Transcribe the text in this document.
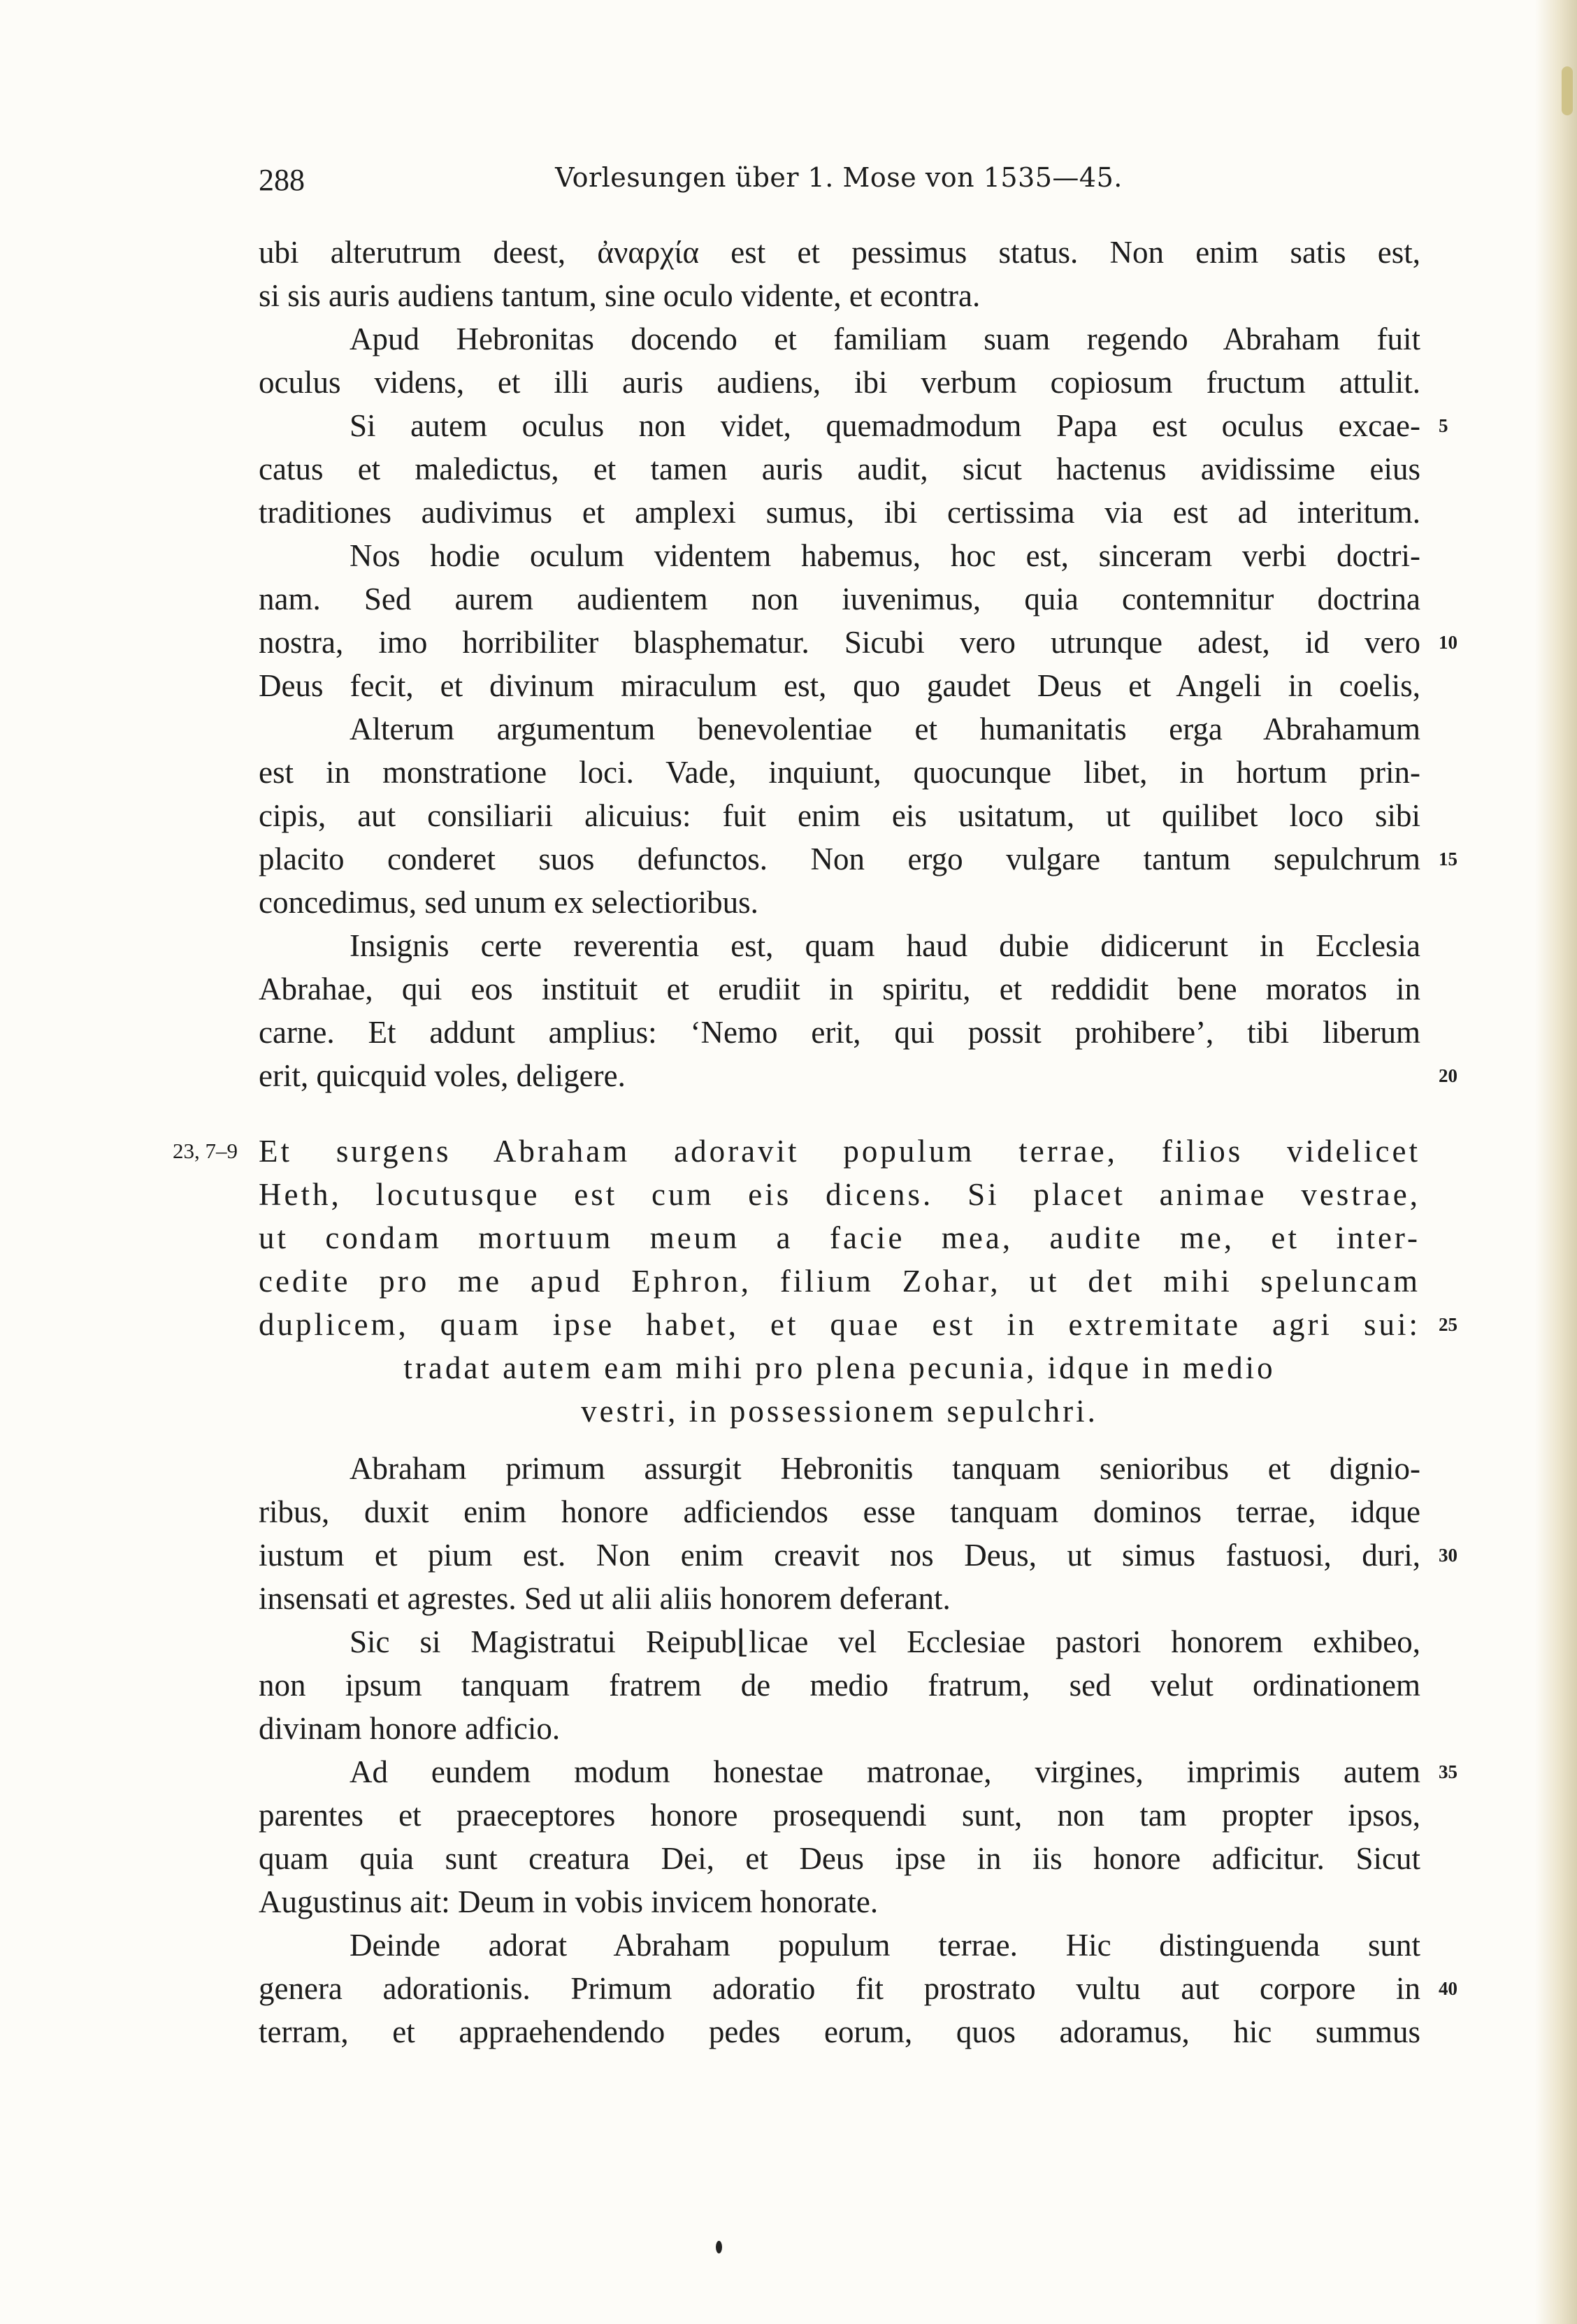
288	Vorlesungen über 1. Mose von 1535—45.
ubi alterutrum deest, ἀναρχία est et pessimus status. Non enim satis est,
si sis auris audiens tantum, sine oculo vidente, et econtra.
Apud Hebronitas docendo et familiam suam regendo Abraham fuit
oculus videns, et illi auris audiens, ibi verbum copiosum fructum attulit.
Si autem oculus non videt, quemadmodum Papa est oculus excae- 5
catus et maledictus, et tamen auris audit, sicut hactenus avidissime eius
traditiones audivimus et amplexi sumus, ibi certissima via est ad interitum.
Nos hodie oculum videntem habemus, hoc est, sinceram verbi doctri-
nam. Sed aurem audientem non iuvenimus, quia contemnitur doctrina
nostra, imo horribiliter blasphematur. Sicubi vero utrunque adest, id vero 10
Deus fecit, et divinum miraculum est, quo gaudet Deus et Angeli in coelis,
Alterum argumentum benevolentiae et humanitatis erga Abrahamum
est in monstratione loci. Vade, inquiunt, quocunque libet, in hortum prin-
cipis, aut consiliarii alicuius: fuit enim eis usitatum, ut quilibet loco sibi
placito conderet suos defunctos. Non ergo vulgare tantum sepulchrum 15
concedimus, sed unum ex selectioribus.
Insignis certe reverentia est, quam haud dubie didicerunt in Ecclesia
Abrahae, qui eos instituit et erudiit in spiritu, et reddidit bene moratos in
carne. Et addunt amplius: ‘Nemo erit, qui possit prohibere’, tibi liberum
erit, quicquid voles, deligere.	20
23, 7–9 Et surgens Abraham adoravit populum terrae, filios videlicet
Heth, locutusque est cum eis dicens. Si placet animae vestrae,
ut condam mortuum meum a facie mea, audite me, et inter-
cedite pro me apud Ephron, filium Zohar, ut det mihi speluncam
duplicem, quam ipse habet, et quae est in extremitate agri sui: 25
tradat autem eam mihi pro plena pecunia, idque in medio
vestri, in possessionem sepulchri.
Abraham primum assurgit Hebronitis tanquam senioribus et dignio-
ribus, duxit enim honore adficiendos esse tanquam dominos terrae, idque
iustum et pium est. Non enim creavit nos Deus, ut simus fastuosi, duri, 30
insensati et agrestes. Sed ut alii aliis honorem deferant.
Sic si Magistratui Reipub⌊licae vel Ecclesiae pastori honorem exhibeo,
non ipsum tanquam fratrem de medio fratrum, sed velut ordinationem
divinam honore adficio.
Ad eundem modum honestae matronae, virgines, imprimis autem 35
parentes et praeceptores honore prosequendi sunt, non tam propter ipsos,
quam quia sunt creatura Dei, et Deus ipse in iis honore adficitur. Sicut
Augustinus ait: Deum in vobis invicem honorate.
Deinde adorat Abraham populum terrae. Hic distinguenda sunt
genera adorationis. Primum adoratio fit prostrato vultu aut corpore in 40
terram, et appraehendendo pedes eorum, quos adoramus, hic summus
